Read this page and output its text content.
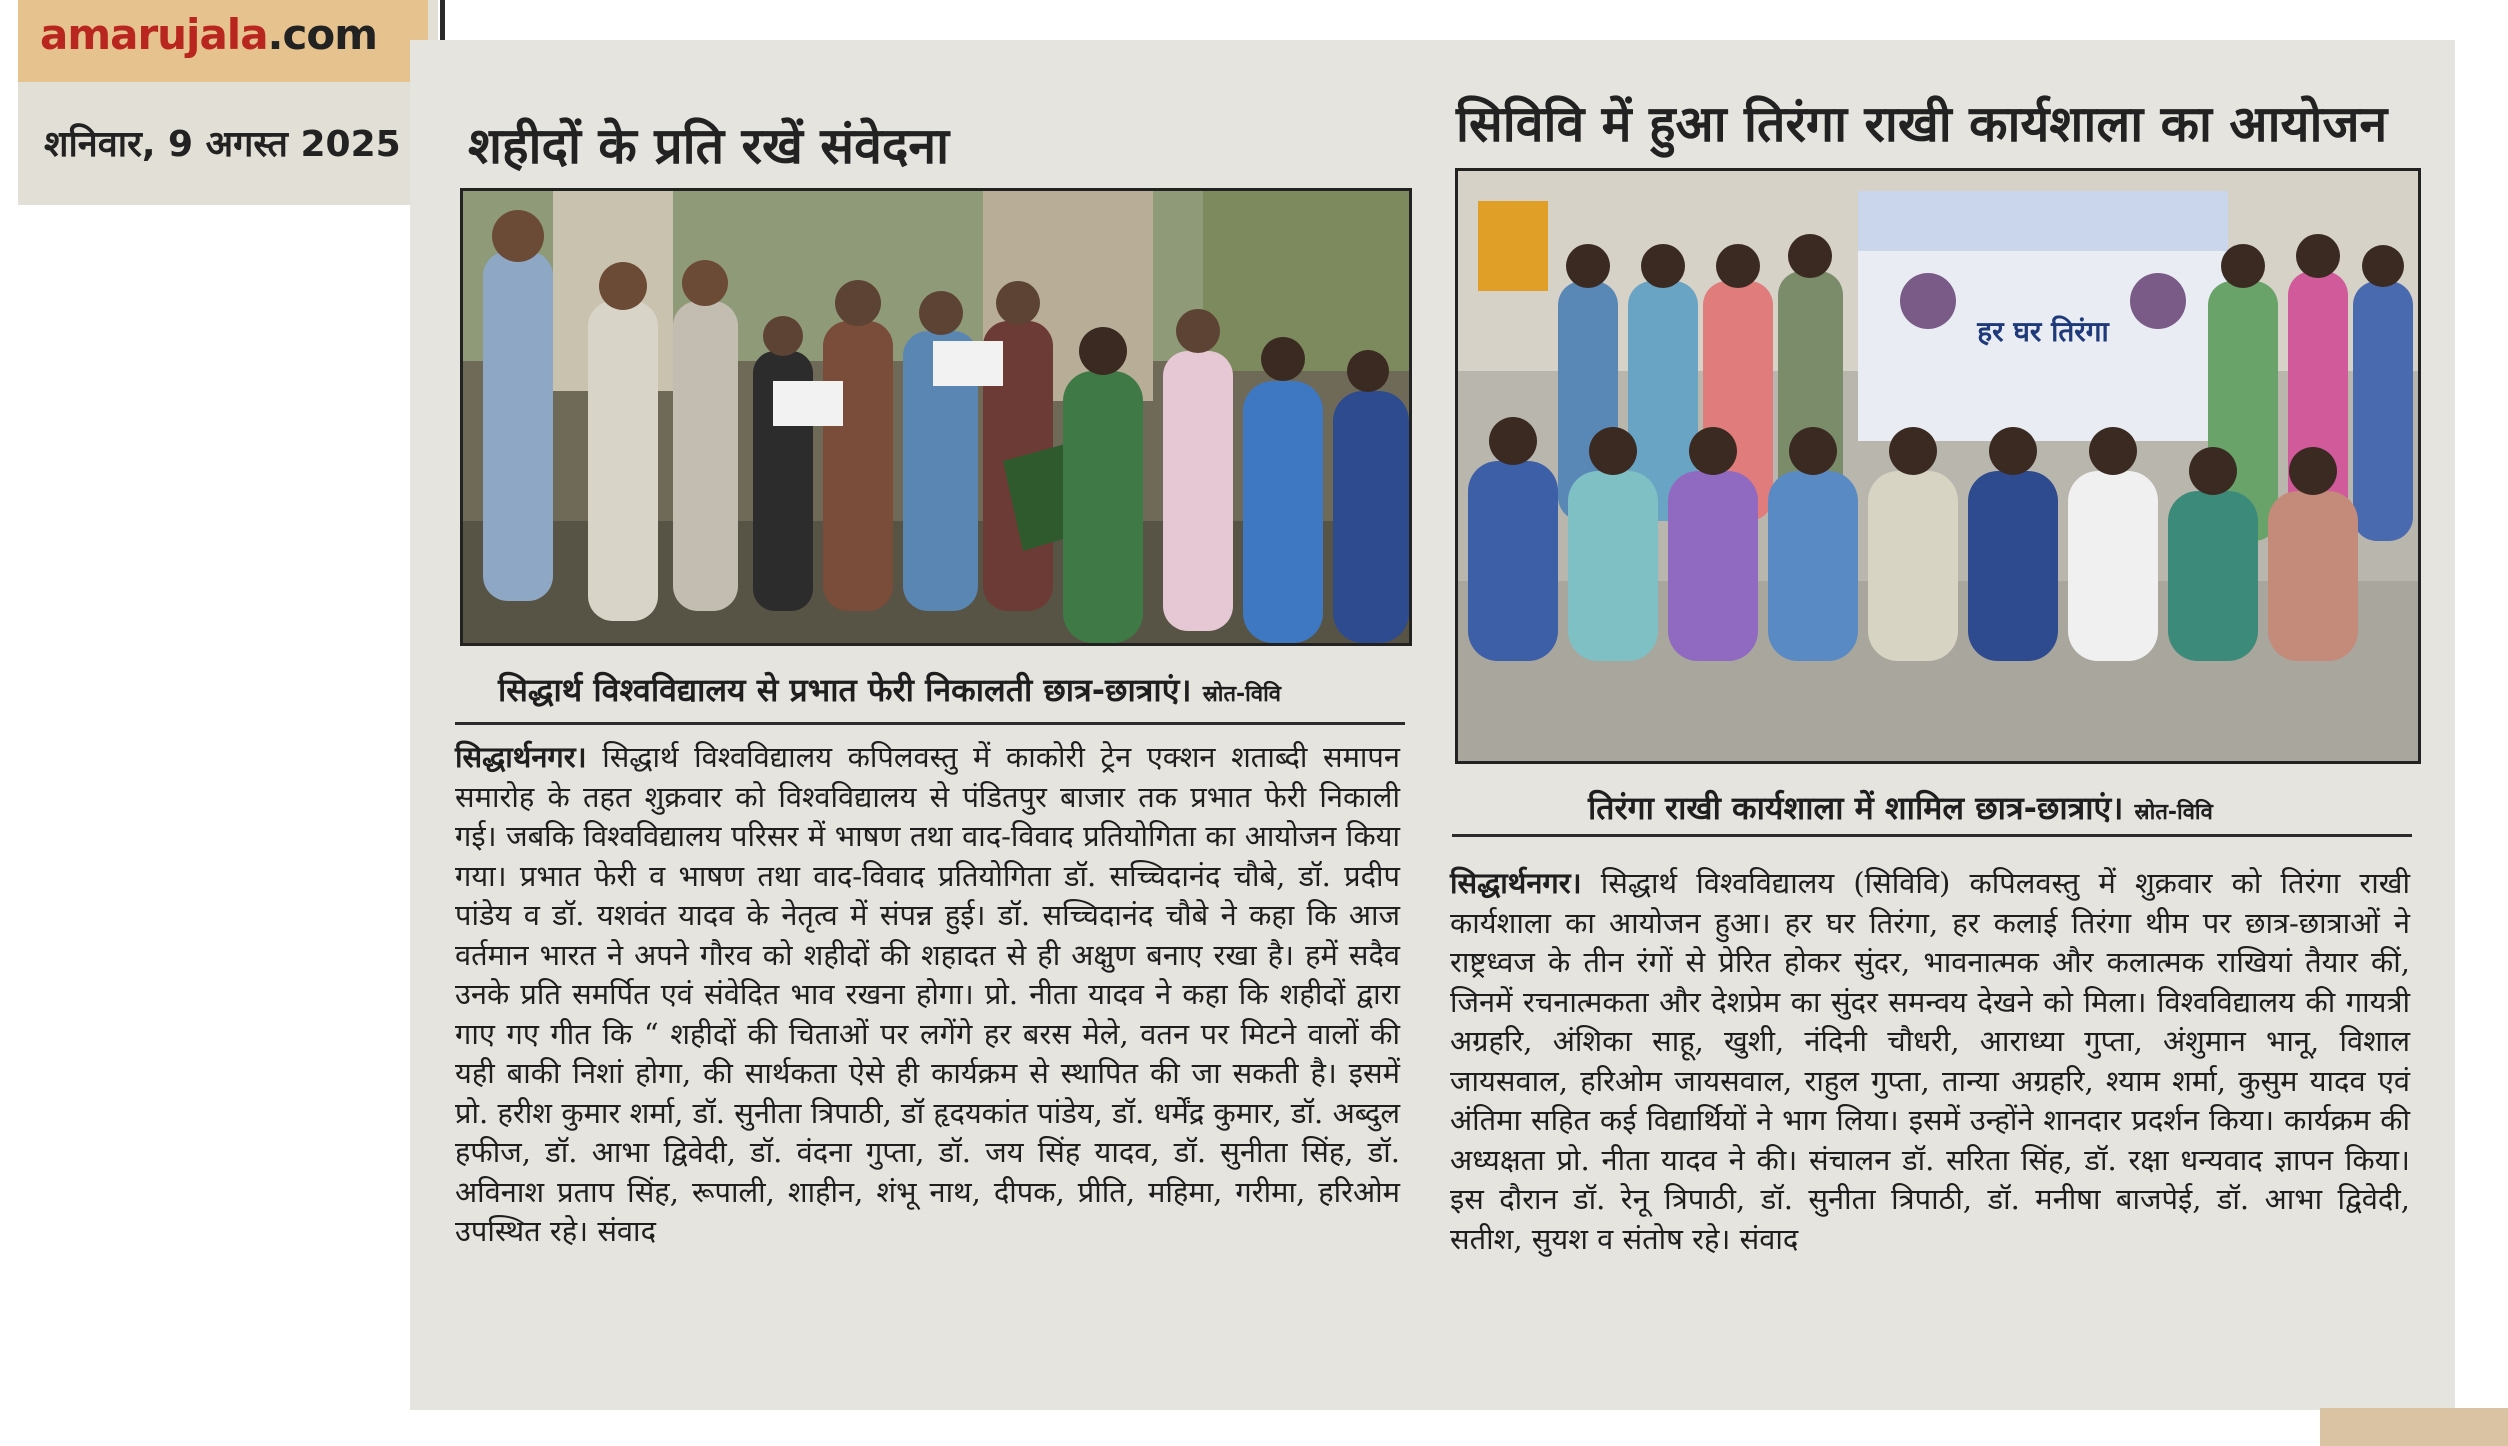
amarujala.com
शनिवार, 9 अगस्त 2025 शहीदों के प्रति रखें संवेदना
सिद्धार्थ विश्वविद्यालय से प्रभात फेरी निकालती छात्र-छात्राएं। स्रोत-विवि
सिद्धार्थनगर। सिद्धार्थ विश्वविद्यालय कपिलवस्तु में काकोरी ट्रेन एक्शन शताब्दी समापन समारोह के तहत शुक्रवार को विश्वविद्यालय से पंडितपुर बाजार तक प्रभात फेरी निकाली गई। जबकि विश्वविद्यालय परिसर में भाषण तथा वाद-विवाद प्रतियोगिता का आयोजन किया गया। प्रभात फेरी व भाषण तथा वाद-विवाद प्रतियोगिता डॉ. सच्चिदानंद चौबे, डॉ. प्रदीप पांडेय व डॉ. यशवंत यादव के नेतृत्व में संपन्न हुई। डॉ. सच्चिदानंद चौबे ने कहा कि आज वर्तमान भारत ने अपने गौरव को शहीदों की शहादत से ही अक्षुण बनाए रखा है। हमें सदैव उनके प्रति समर्पित एवं संवेदित भाव रखना होगा। प्रो. नीता यादव ने कहा कि शहीदों द्वारा गाए गए गीत कि “ शहीदों की चिताओं पर लगेंगे हर बरस मेले, वतन पर मिटने वालों की यही बाकी निशां होगा, की सार्थकता ऐसे ही कार्यक्रम से स्थापित की जा सकती है। इसमें प्रो. हरीश कुमार शर्मा, डॉ. सुनीता त्रिपाठी, डॉ हृदयकांत पांडेय, डॉ. धर्मेंद्र कुमार, डॉ. अब्दुल हफीज, डॉ. आभा द्विवेदी, डॉ. वंदना गुप्ता, डॉ. जय सिंह यादव, डॉ. सुनीता सिंह, डॉ. अविनाश प्रताप सिंह, रूपाली, शाहीन, शंभू नाथ, दीपक, प्रीति, महिमा, गरीमा, हरिओम उपस्थित रहे। संवाद
सिविवि में हुआ तिरंगा राखी कार्यशाला का आयोजन
हर घर तिरंगा
तिरंगा राखी कार्यशाला में शामिल छात्र-छात्राएं। स्रोत-विवि
सिद्धार्थनगर। सिद्धार्थ विश्वविद्यालय (सिविवि) कपिलवस्तु में शुक्रवार को तिरंगा राखी कार्यशाला का आयोजन हुआ। हर घर तिरंगा, हर कलाई तिरंगा थीम पर छात्र-छात्राओं ने राष्ट्रध्वज के तीन रंगों से प्रेरित होकर सुंदर, भावनात्मक और कलात्मक राखियां तैयार कीं, जिनमें रचनात्मकता और देशप्रेम का सुंदर समन्वय देखने को मिला। विश्वविद्यालय की गायत्री अग्रहरि, अंशिका साहू, खुशी, नंदिनी चौधरी, आराध्या गुप्ता, अंशुमान भानू, विशाल जायसवाल, हरिओम जायसवाल, राहुल गुप्ता, तान्या अग्रहरि, श्याम शर्मा, कुसुम यादव एवं अंतिमा सहित कई विद्यार्थियों ने भाग लिया। इसमें उन्होंने शानदार प्रदर्शन किया। कार्यक्रम की अध्यक्षता प्रो. नीता यादव ने की। संचालन डॉ. सरिता सिंह, डॉ. रक्षा धन्यवाद ज्ञापन किया। इस दौरान डॉ. रेनू त्रिपाठी, डॉ. सुनीता त्रिपाठी, डॉ. मनीषा बाजपेई, डॉ. आभा द्विवेदी, सतीश, सुयश व संतोष रहे। संवाद
